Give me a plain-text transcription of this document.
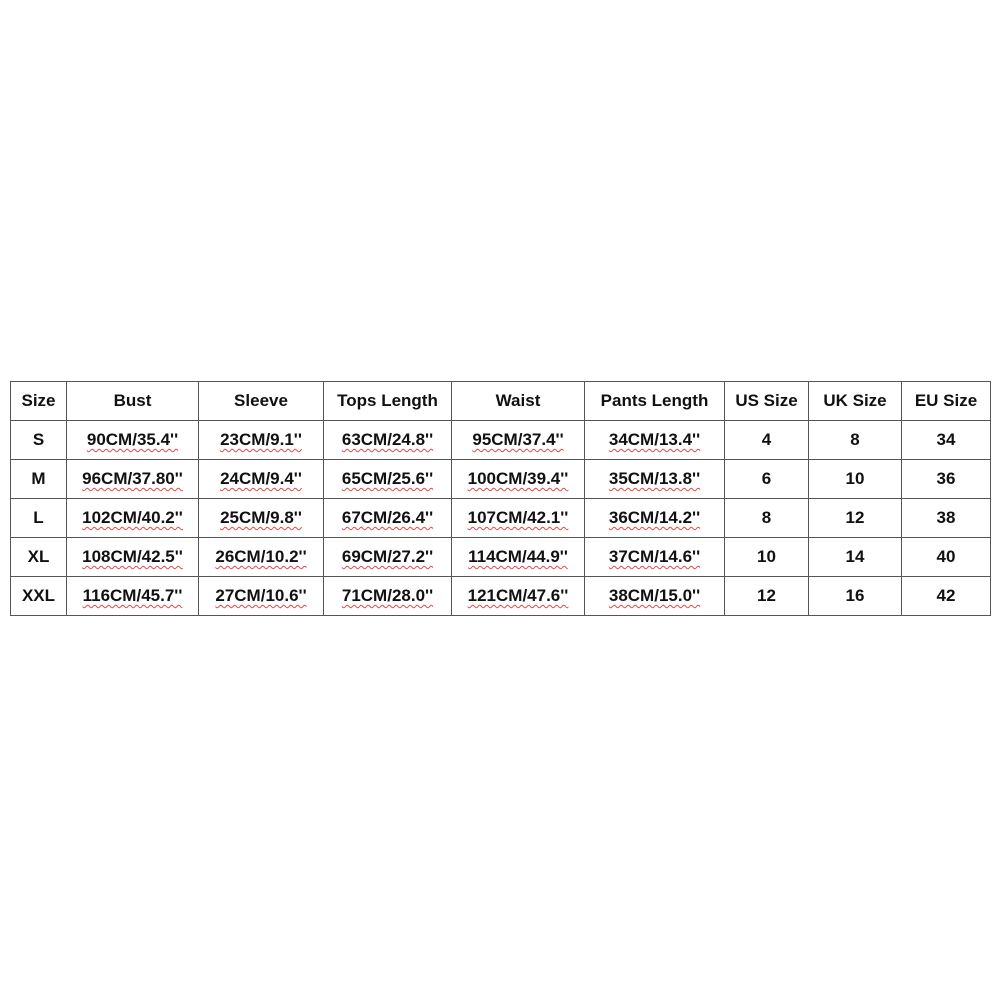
Size	Bust	Sleeve	Tops Length	Waist	Pants Length	US Size	UK Size	EU Size
S	90CM/35.4''	23CM/9.1''	63CM/24.8''	95CM/37.4''	34CM/13.4''	4	8	34
M	96CM/37.80''	24CM/9.4''	65CM/25.6''	100CM/39.4''	35CM/13.8''	6	10	36
L	102CM/40.2''	25CM/9.8''	67CM/26.4''	107CM/42.1''	36CM/14.2''	8	12	38
XL	108CM/42.5''	26CM/10.2''	69CM/27.2''	114CM/44.9''	37CM/14.6''	10	14	40
XXL	116CM/45.7''	27CM/10.6''	71CM/28.0''	121CM/47.6''	38CM/15.0''	12	16	42
